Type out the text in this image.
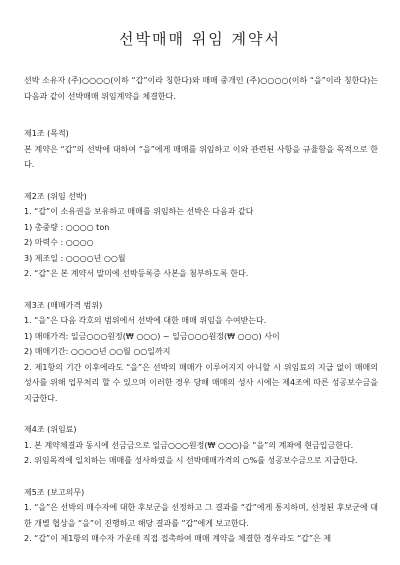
선박매매 위임 계약서

선박 소유자 (주)○○○○(이하 “갑”이라 칭한다)와 매매 중개인 (주)○○○○(이하 “을”이라 칭한다)는 다음과 같이 선박매매 위임계약을 체결한다.

제1조 (목적)

본 계약은 “갑”의 선박에 대하여 “을”에게 매매를 위임하고 이와 관련된 사항을 규율함을 목적으로 한다.

제2조 (위임 선박)

1. “갑”이 소유권을 보유하고 매매를 위임하는 선박은 다음과 같다

1) 총중량 : ○○○○ ton

2) 마력수 : ○○○○

3) 제조일 : ○○○○년 ○○월

2. “갑”은 본 계약서 말미에 선박등록증 사본을 첨부하도록 한다.

제3조 (매매가격 범위)

1. “을”은 다음 각호의 범위에서 선박에 대한 매매 위임을 수여받는다.

1) 매매가격: 일금○○○원정(₩ ○○○) ~ 일금○○○원정(₩ ○○○) 사이

2) 매매기간: ○○○○년 ○○월 ○○일까지

2. 제1항의 기간 이후에라도 “을”은 선박의 매매가 이루어지지 아니할 시 위임료의 지급 없이 매매의 성사를 위해 업무처리 할 수 있으며 이러한 경우 당해 매매의 성사 시에는 제4조에 따른 성공보수금을 지급한다.

제4조 (위임료)

1. 본 계약체결과 동시에 선금금으로 일금○○○원정(₩ ○○○)을 “을”의 계좌에 현금입금한다.

2. 위임목적에 일치하는 매매를 성사하였을 시 선박매매가격의 ○%를 성공보수금으로 지급한다.

제5조 (보고의무)

1. “을”은 선박의 매수자에 대한 후보군을 선정하고 그 결과를 “갑”에게 통지하며, 선정된 후보군에 대한 개별 협상을 “을”이 진행하고 해당 결과를 “갑”에게 보고한다.

2. “갑”이 제1항의 매수자 가운데 직접 접촉하여 매매 계약을 체결한 경우라도 “갑”은 제
